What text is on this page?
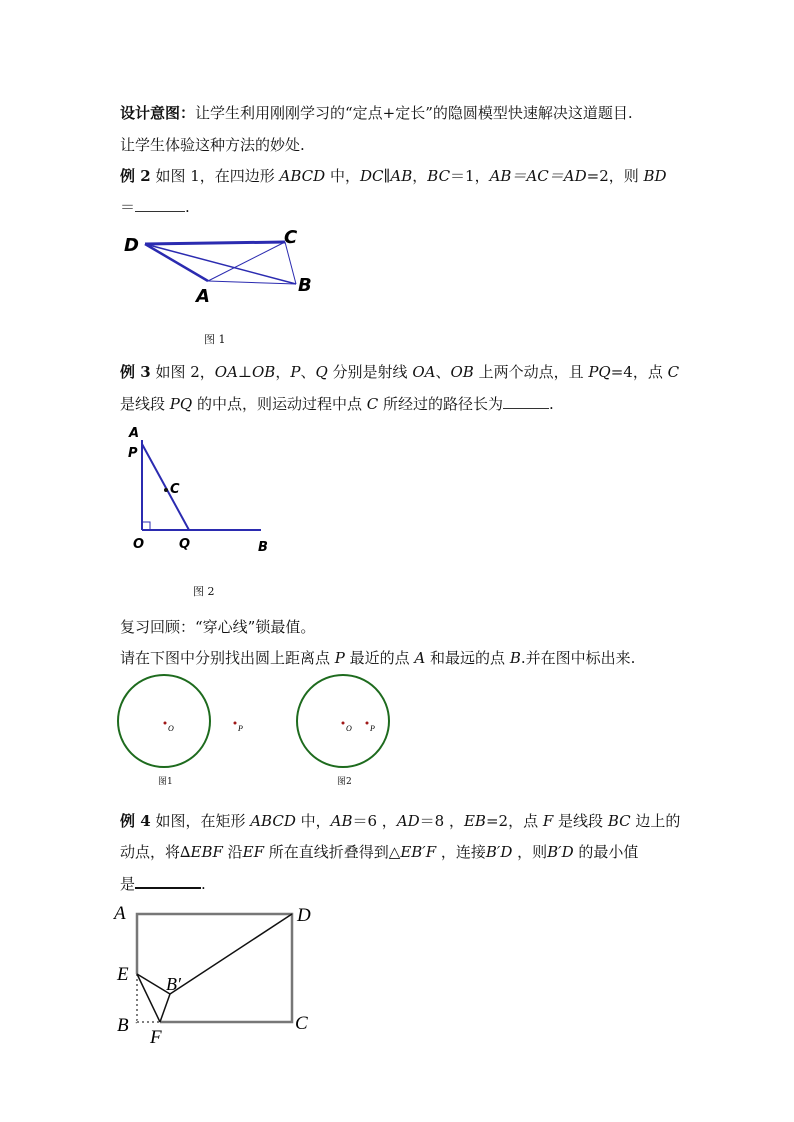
设计意图：让学生利用刚刚学习的“定点+定长”的隐圆模型快速解决这道题目.
让学生体验这种方法的妙处.
例 2 如图 1，在四边形 ABCD 中，DC∥AB，BC＝1，AB＝AC＝AD=2，则 BD
＝	.
D	C
A
B
图 1
例 3 如图 2，OA⊥OB，P、Q 分别是射线 OA、OB 上两个动点，且 PQ=4，点 C
是线段 PQ 的中点，则运动过程中点 C 所经过的路径长为	.
A
P
C
O	Q	B
图 2
复习回顾：“穿心线”锁最值。
请在下图中分别找出圆上距离点 P 最近的点 A 和最远的点 B.并在图中标出来.
O	P
图1
O P
图2
例 4 如图，在矩形 ABCD 中，AB＝6 ，AD＝8 ，EB=2，点 F 是线段 BC 边上的
动点，将∆EBF 沿EF 所在直线折叠得到△EB′F ，连接B′D ，则B′D 的最小值
是	.
A	D
E B′
B
F
C
